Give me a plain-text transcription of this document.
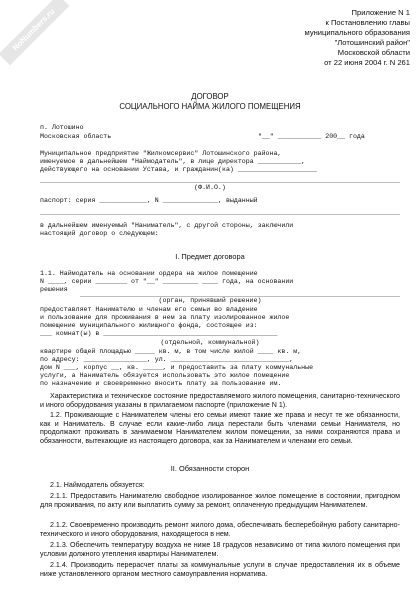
NoNumbers.ru	Приложение N 1
к Постановлению главы
муниципального образования
"Лотошинский район"
Московской области
от 22 июня 2004 г. N 261
ДОГОВОР
СОЦИАЛЬНОГО НАЙМА ЖИЛОГО ПОМЕЩЕНИЯ
п. Лотошино
Московская область	"__" ___________ 200__ года
Муниципальное предприятие "Жилкомсервис" Лотошинского района,
именуемое в дальнейшем "Наймодатель", в лице директора ___________,
действующего на основании Устава, и гражданин(ка) ____________________
(Ф.И.О.)
паспорт: серия ____________, N ______________, выданный
в дальнейшем именуемый "Наниматель", с другой стороны, заключили
настоящий договор о следующем:
I. Предмет договора
1.1. Наймодатель на основании ордера на жилое помещение
N ____, серии ________ от "__" _________ ____ года, на основании
решения
(орган, принявший решение)
предоставляет Нанимателю и членам его семьи во владение
и пользование для проживания в нем за плату изолированное жилое
помещение муниципального жилищного фонда, состоящее из:
___ комнат(ы) в ____________________________________________
(отдельной, коммунальной)
квартире общей площадью _____ кв. м, в том числе жилой ____ кв. м,
по адресу: ________________, ул. ______________________________,
дом N ___, корпус __, кв. _____, и предоставить за плату коммунальные
услуги, а Наниматель обязуется использовать это жилое помещение
по назначению и своевременно вносить плату за пользование им.
Характеристика и техническое состояние предоставляемого жилого помещения, санитарно-технического и иного оборудования указаны в прилагаемом паспорте (приложение N 1).
1.2. Проживающие с Нанимателем члены его семьи имеют такие же права и несут те же обязанности, как и Наниматель. В случае если какие-либо лица перестали быть членами семьи Нанимателя, но продолжают проживать в занимаемом Нанимателем жилом помещении, за ними сохраняются права и обязанности, вытекающие из настоящего договора, как за Нанимателем и членами его семьи.
II. Обязанности сторон
2.1. Наймодатель обязуется:
2.1.1. Предоставить Нанимателю свободное изолированное жилое помещение в состоянии, пригодном для проживания, по акту или выплатить сумму за ремонт, оплаченную предыдущим Нанимателем.
2.1.2. Своевременно производить ремонт жилого дома, обеспечивать бесперебойную работу санитарно-технического и иного оборудования, находящегося в нем.
2.1.3. Обеспечить температуру воздуха не ниже 18 градусов независимо от типа жилого помещения при условии должного утепления квартиры Нанимателем.
2.1.4. Производить перерасчет платы за коммунальные услуги в случае предоставления их в объеме ниже установленного органом местного самоуправления норматива.
